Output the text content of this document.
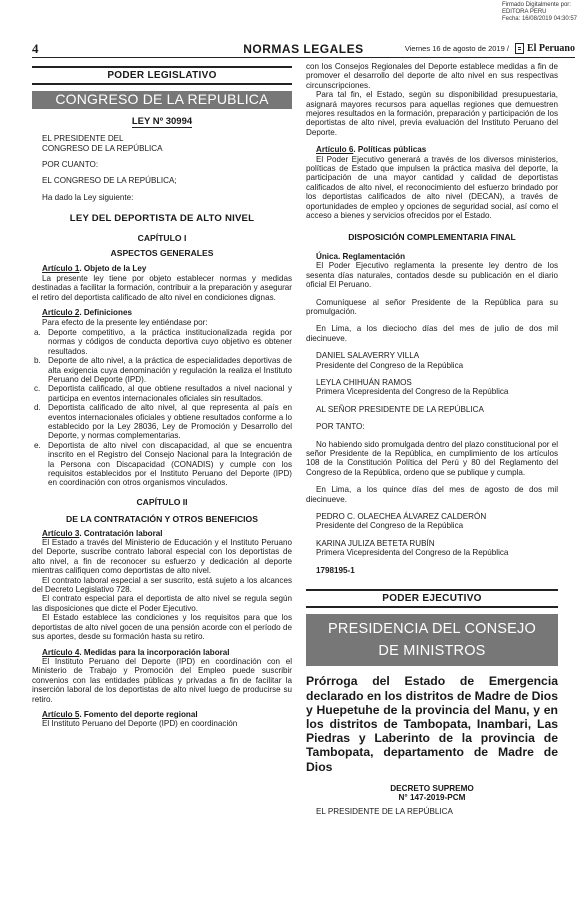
Firmado Digitalmente por:
EDITORA PERU
Fecha: 16/08/2019 04:30:57
4	NORMAS LEGALES	Viernes 16 de agosto de 2019 / El Peruano
PODER LEGISLATIVO
CONGRESO DE LA REPUBLICA
LEY Nº 30994

EL PRESIDENTE DEL CONGRESO DE LA REPÚBLICA

POR CUANTO:

EL CONGRESO DE LA REPÚBLICA;

Ha dado la Ley siguiente:

LEY DEL DEPORTISTA DE ALTO NIVEL
CAPÍTULO I
ASPECTOS GENERALES
Artículo 1. Objeto de la Ley

La presente ley tiene por objeto establecer normas y medidas destinadas a facilitar la formación, contribuir a la preparación y asegurar el retiro del deportista calificado de alto nivel en condiciones dignas.

Artículo 2. Definiciones

Para efecto de la presente ley entiéndase por:

a. Deporte competitivo, a la práctica institucionalizada regida por normas y códigos de conducta deportiva cuyo objetivo es obtener resultados.
b. Deporte de alto nivel, a la práctica de especialidades deportivas de alta exigencia cuya denominación y regulación la realiza el Instituto Peruano del Deporte (IPD).
c. Deportista calificado, al que obtiene resultados a nivel nacional y participa en eventos internacionales oficiales sin resultados.
d. Deportista calificado de alto nivel, al que representa al país en eventos internacionales oficiales y obtiene resultados conforme a lo establecido por la Ley 28036, Ley de Promoción y Desarrollo del Deporte, y normas complementarias.
e. Deportista de alto nivel con discapacidad, al que se encuentra inscrito en el Registro del Consejo Nacional para la Integración de la Persona con Discapacidad (CONADIS) y cumple con los requisitos establecidos por el Instituto Peruano del Deporte (IPD) en coordinación con otros organismos vinculados.
CAPÍTULO II
DE LA CONTRATACIÓN Y OTROS BENEFICIOS
Artículo 3. Contratación laboral

El Estado a través del Ministerio de Educación y el Instituto Peruano del Deporte, suscribe contrato laboral especial con los deportistas de alto nivel, a fin de reconocer su esfuerzo y dedicación al deporte mientras califiquen como deportistas de alto nivel.

El contrato laboral especial a ser suscrito, está sujeto a los alcances del Decreto Legislativo 728.

El contrato especial para el deportista de alto nivel se regula según las disposiciones que dicte el Poder Ejecutivo.

El Estado establece las condiciones y los requisitos para que los deportistas de alto nivel gocen de una pensión acorde con el período de sus aportes, desde su formación hasta su retiro.

Artículo 4. Medidas para la incorporación laboral

El Instituto Peruano del Deporte (IPD) en coordinación con el Ministerio de Trabajo y Promoción del Empleo puede suscribir convenios con las entidades públicas y privadas a fin de facilitar la inserción laboral de los deportistas de alto nivel luego de producirse su retiro.

Artículo 5. Fomento del deporte regional

El Instituto Peruano del Deporte (IPD) en coordinación

con los Consejos Regionales del Deporte establece medidas a fin de promover el desarrollo del deporte de alto nivel en sus respectivas circunscripciones.

Para tal fin, el Estado, según su disponibilidad presupuestaria, asignará mayores recursos para aquellas regiones que demuestren mejores resultados en la formación, preparación y participación de los deportistas de alto nivel, previa evaluación del Instituto Peruano del Deporte.

Artículo 6. Políticas públicas

El Poder Ejecutivo generará a través de los diversos ministerios, políticas de Estado que impulsen la práctica masiva del deporte, la participación de una mayor cantidad y calidad de deportistas calificados de alto nivel, el reconocimiento del esfuerzo brindado por los deportistas calificados de alto nivel (DECAN), a través de oportunidades de empleo y opciones de seguridad social, así como el acceso a bienes y servicios ofrecidos por el Estado.

DISPOSICIÓN COMPLEMENTARIA FINAL
Única. Reglamentación

El Poder Ejecutivo reglamenta la presente ley dentro de los sesenta días naturales, contados desde su publicación en el diario oficial El Peruano.

Comuníquese al señor Presidente de la República para su promulgación.

En Lima, a los dieciocho días del mes de julio de dos mil diecinueve.

DANIEL SALAVERRY VILLA

Presidente del Congreso de la República

LEYLA CHIHUÁN RAMOS

Primera Vicepresidenta del Congreso de la República

AL SEÑOR PRESIDENTE DE LA REPÚBLICA

POR TANTO:

No habiendo sido promulgada dentro del plazo constitucional por el señor Presidente de la República, en cumplimiento de los artículos 108 de la Constitución Política del Perú y 80 del Reglamento del Congreso de la República, ordeno que se publique y cumpla.

En Lima, a los quince días del mes de agosto de dos mil diecinueve.

PEDRO C. OLAECHEA ÁLVAREZ CALDERÓN

Presidente del Congreso de la República

KARINA JULIZA BETETA RUBÍN

Primera Vicepresidenta del Congreso de la República

1798195-1

PODER EJECUTIVO
PRESIDENCIA DEL CONSEJO
DE MINISTROS
Prórroga del Estado de Emergencia declarado en los distritos de Madre de Dios y Huepetuhe de la provincia del Manu, y en los distritos de Tambopata, Inambari, Las Piedras y Laberinto de la provincia de Tambopata, departamento de Madre de Dios
DECRETO SUPREMO
N° 147-2019-PCM

EL PRESIDENTE DE LA REPÚBLICA
